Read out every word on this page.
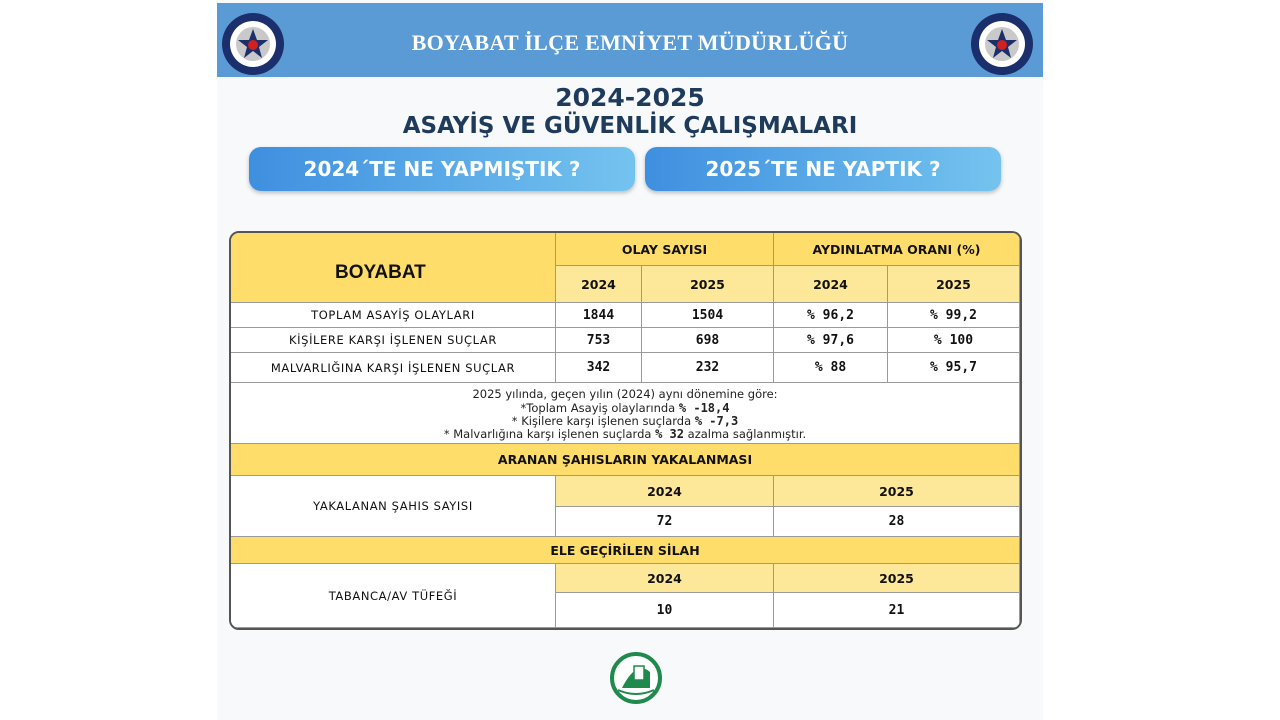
BOYABAT İLÇE EMNİYET MÜDÜRLÜĞÜ
2024-2025
ASAYİŞ VE GÜVENLİK ÇALIŞMALARI
2024´TE NE YAPMIŞTIK ?	2025´TE NE YAPTIK ?
BOYABAT
OLAY SAYISI	AYDINLATMA ORANI (%)
2024	2025	2024	2025
TOPLAM ASAYİŞ OLAYLARI	1844	1504	% 96,2	% 99,2
KİŞİLERE KARŞI İŞLENEN SUÇLAR	753	698	% 97,6	% 100
MALVARLIĞINA KARŞI İŞLENEN SUÇLAR	342	232	% 88	% 95,7
2025 yılında, geçen yılın (2024) aynı dönemine göre:
*Toplam Asayiş olaylarında % -18,4
* Kişilere karşı işlenen suçlarda % -7,3
* Malvarlığına karşı işlenen suçlarda % 32 azalma sağlanmıştır.
ARANAN ŞAHISLARIN YAKALANMASI
YAKALANAN ŞAHIS SAYISI
2024	2025
72	28
ELE GEÇİRİLEN SİLAH
TABANCA/AV TÜFEĞİ
2024	2025
10	21
